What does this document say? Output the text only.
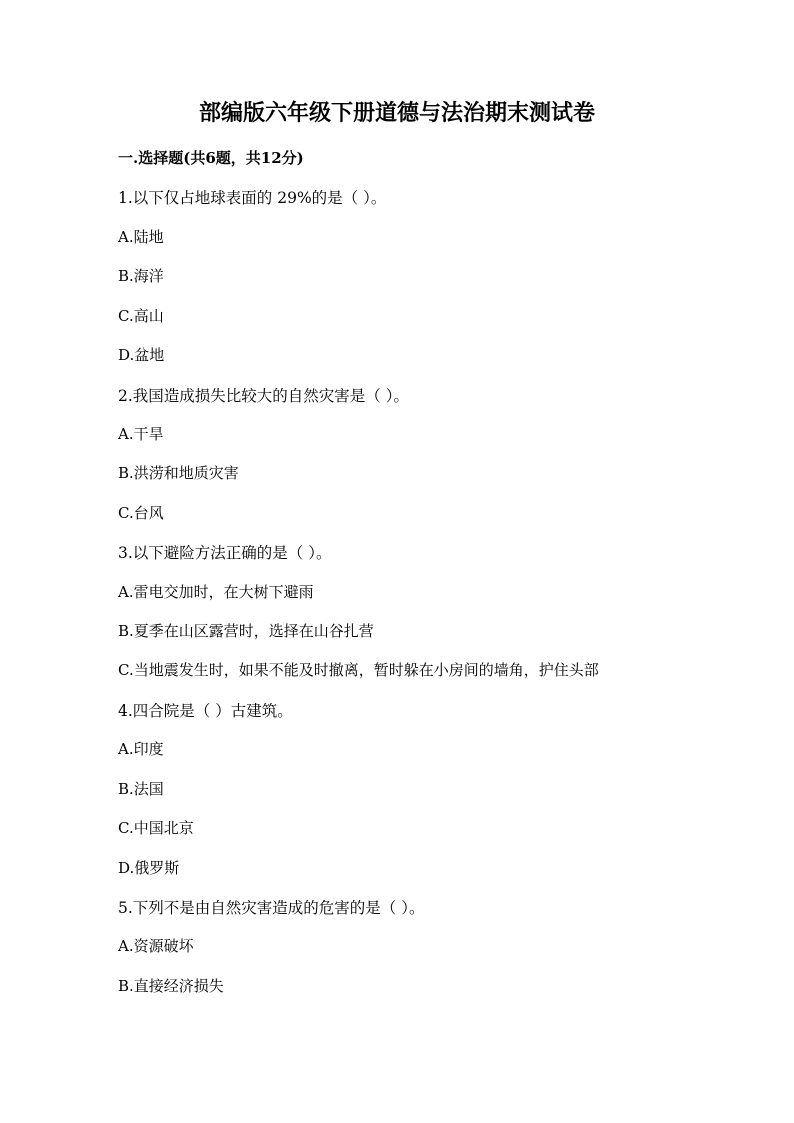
部编版六年级下册道德与法治期末测试卷
一.选择题(共6题，共12分)
1.以下仅占地球表面的 29%的是（ ）。
A.陆地
B.海洋
C.高山
D.盆地
2.我国造成损失比较大的自然灾害是（ ）。
A.干旱
B.洪涝和地质灾害
C.台风
3.以下避险方法正确的是（ ）。
A.雷电交加时，在大树下避雨
B.夏季在山区露营时，选择在山谷扎营
C.当地震发生时，如果不能及时撤离，暂时躲在小房间的墙角，护住头部
4.四合院是（ ）古建筑。
A.印度
B.法国
C.中国北京
D.俄罗斯
5.下列不是由自然灾害造成的危害的是（ ）。
A.资源破坏
B.直接经济损失
